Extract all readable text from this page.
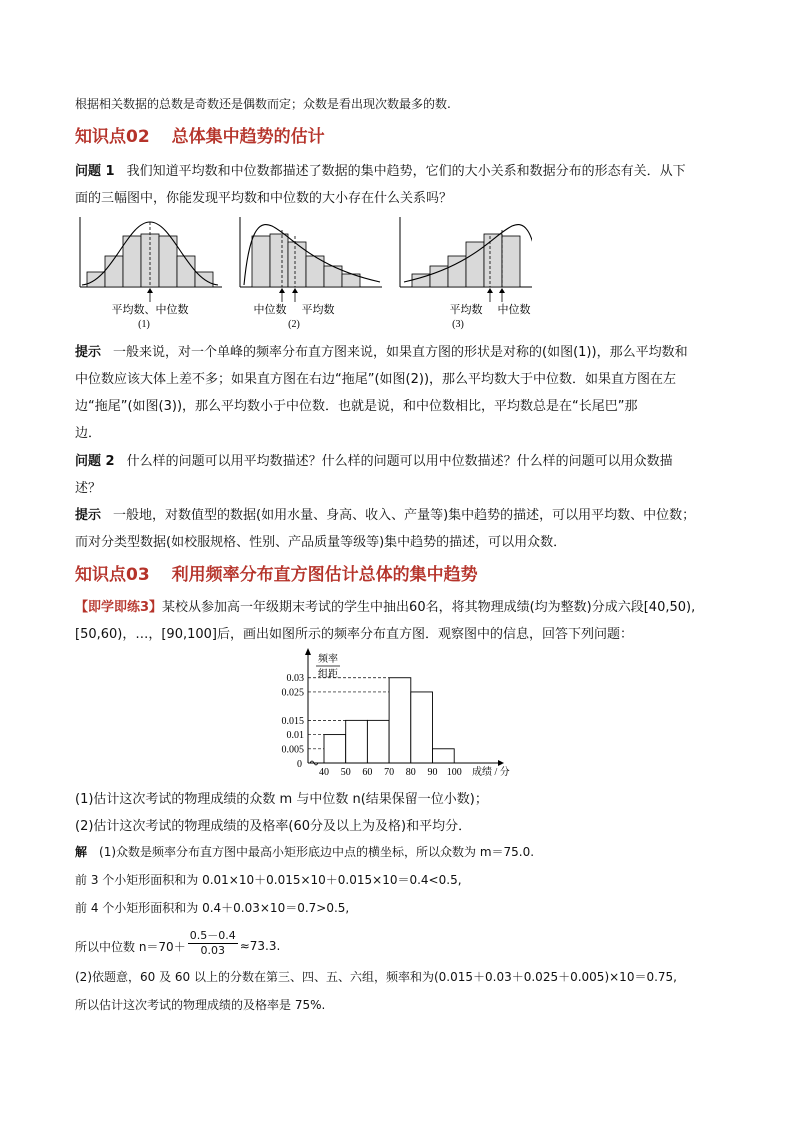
根据相关数据的总数是奇数还是偶数而定；众数是看出现次数最多的数.
知识点02 总体集中趋势的估计
问题 1 我们知道平均数和中位数都描述了数据的集中趋势，它们的大小关系和数据分布的形态有关．从下
面的三幅图中，你能发现平均数和中位数的大小存在什么关系吗？
平均数、中位数
(1)
中位数 平均数
(2)
平均数 中位数
(3)
提示 一般来说，对一个单峰的频率分布直方图来说，如果直方图的形状是对称的(如图(1))，那么平均数和
中位数应该大体上差不多；如果直方图在右边“拖尾”(如图(2))，那么平均数大于中位数．如果直方图在左
边“拖尾”(如图(3))，那么平均数小于中位数．也就是说，和中位数相比，平均数总是在“长尾巴”那
边．
问题 2 什么样的问题可以用平均数描述？什么样的问题可以用中位数描述？什么样的问题可以用众数描
述？
提示 一般地，对数值型的数据(如用水量、身高、收入、产量等)集中趋势的描述，可以用平均数、中位数；
而对分类型数据(如校服规格、性别、产品质量等级等)集中趋势的描述，可以用众数．
知识点03 利用频率分布直方图估计总体的集中趋势
【即学即练3】某校从参加高一年级期末考试的学生中抽出60名，将其物理成绩(均为整数)分成六段[40,50),
[50,60)，…，[90,100]后，画出如图所示的频率分布直方图．观察图中的信息，回答下列问题：
频率
组距
0
0.03
0.025
0.015
0.01
0.005
40 50 60 70 80 90 100 成绩 / 分
(1)估计这次考试的物理成绩的众数 m 与中位数 n(结果保留一位小数)；
(2)估计这次考试的物理成绩的及格率(60分及以上为及格)和平均分．
解 (1)众数是频率分布直方图中最高小矩形底边中点的横坐标，所以众数为 m＝75.0.
前 3 个小矩形面积和为 0.01×10＋0.015×10＋0.015×10＝0.4<0.5,
前 4 个小矩形面积和为 0.4＋0.03×10＝0.7>0.5,
所以中位数 $n=70+ \frac{0.5-0.4}{0.03} \approx 73.3$.
(2)依题意，60 及 60 以上的分数在第三、四、五、六组，频率和为(0.015＋0.03＋0.025＋0.005)×10＝0.75,
所以估计这次考试的物理成绩的及格率是 75%.
